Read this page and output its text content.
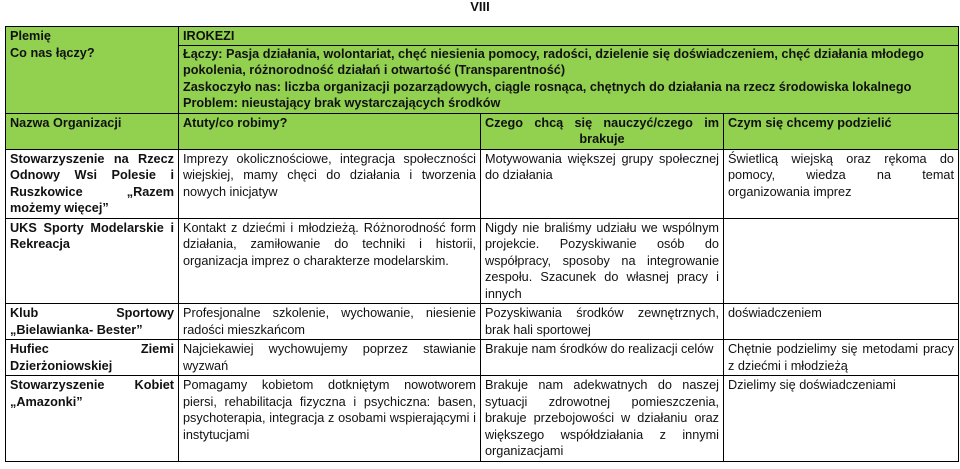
VIII
Plemię
Co nas łączy?	IROKEZI		

	Łączy: Pasja działania, wolontariat, chęć niesienia pomocy, radości, dzielenie się doświadczeniem, chęć działania młodego pokolenia, różnorodność działań i otwartość (Transparentność)
Zaskoczyło nas: liczba organizacji pozarządowych, ciągle rosnąca, chętnych do działania na rzecz środowiska lokalnego
Problem: nieustający brak wystarczających środków		

Nazwa Organizacji	Atuty/co robimy?	Czego chcą się nauczyć/czego im brakuje	Czym się chcemy podzielić
Stowarzyszenie na Rzecz Odnowy Wsi Polesie i Ruszkowice „Razem możemy więcej”	Imprezy okolicznościowe, integracja społeczności wiejskiej, mamy chęci do działania i tworzenia nowych inicjatyw	Motywowania większej grupy społecznej do działania	Świetlicą wiejską oraz rękoma do pomocy, wiedza na temat organizowania imprez
UKS Sporty Modelarskie i Rekreacja	Kontakt z dziećmi i młodzieżą. Różnorodność form działania, zamiłowanie do techniki i historii, organizacja imprez o charakterze modelarskim.	Nigdy nie braliśmy udziału we wspólnym projekcie. Pozyskiwanie osób do współpracy, sposoby na integrowanie zespołu. Szacunek do własnej pracy i innych	
Klub Sportowy „Bielawianka- Bester”	Profesjonalne szkolenie, wychowanie, niesienie radości mieszkańcom	Pozyskiwania środków zewnętrznych, brak hali sportowej	doświadczeniem
Hufiec Ziemi Dzierżoniowskiej	Najciekawiej wychowujemy poprzez stawianie wyzwań	Brakuje nam środków do realizacji celów	Chętnie podzielimy się metodami pracy z dziećmi i młodzieżą
Stowarzyszenie Kobiet „Amazonki”	Pomagamy kobietom dotkniętym nowotworem piersi, rehabilitacja fizyczna i psychiczna: basen, psychoterapia, integracja z osobami wspierającymi i instytucjami	Brakuje nam adekwatnych do naszej sytuacji zdrowotnej pomieszczenia, brakuje przebojowości w działaniu oraz większego współdziałania z innymi organizacjami	Dzielimy się doświadczeniami
